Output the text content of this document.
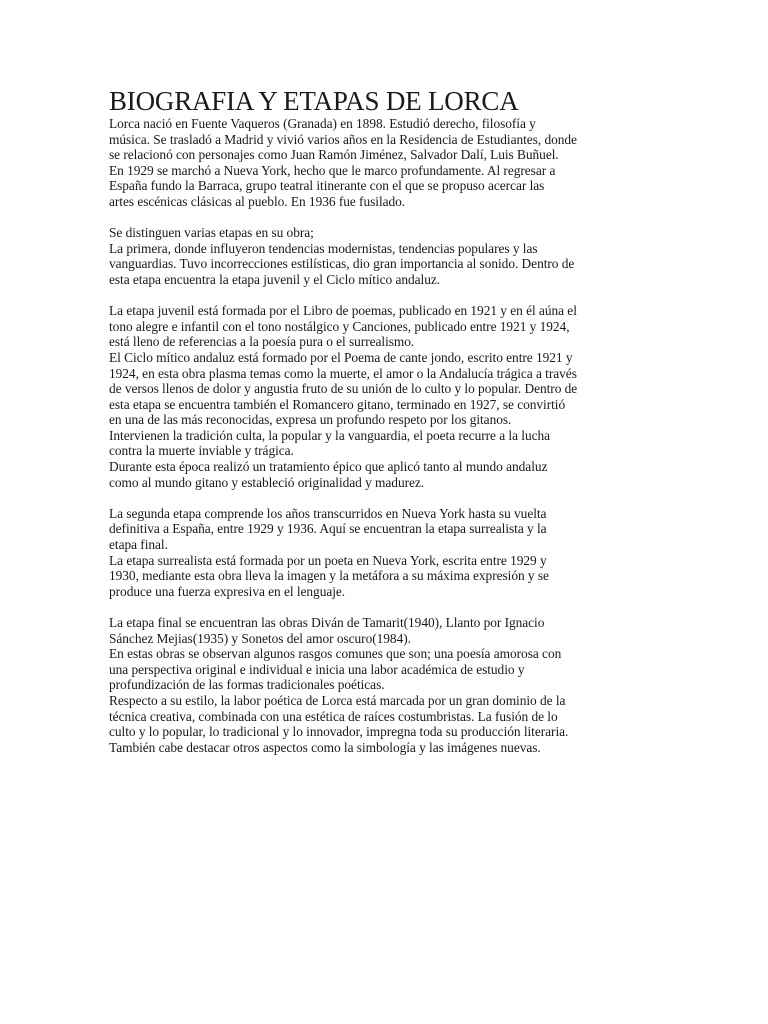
BIOGRAFIA Y ETAPAS DE LORCA
Lorca nació en Fuente Vaqueros (Granada) en 1898. Estudió derecho, filosofía y
música. Se trasladó a Madrid y vivió varios años en la Residencia de Estudiantes, donde
se relacionó con personajes como Juan Ramón Jiménez, Salvador Dalí, Luis Buñuel.
En 1929 se marchó a Nueva York, hecho que le marco profundamente. Al regresar a
España fundo la Barraca, grupo teatral itinerante con el que se propuso acercar las
artes escénicas clásicas al pueblo. En 1936 fue fusilado.
Se distinguen varias etapas en su obra;
La primera, donde influyeron tendencias modernistas, tendencias populares y las
vanguardias. Tuvo incorrecciones estilísticas, dio gran importancia al sonido. Dentro de
esta etapa encuentra la etapa juvenil y el Ciclo mítico andaluz.
La etapa juvenil está formada por el Libro de poemas, publicado en 1921 y en él aúna el
tono alegre e infantil con el tono nostálgico y Canciones, publicado entre 1921 y 1924,
está lleno de referencias a la poesía pura o el surrealismo.
El Ciclo mítico andaluz está formado por el Poema de cante jondo, escrito entre 1921 y
1924, en esta obra plasma temas como la muerte, el amor o la Andalucía trágica a través
de versos llenos de dolor y angustia fruto de su unión de lo culto y lo popular. Dentro de
esta etapa se encuentra también el Romancero gitano, terminado en 1927, se convirtió
en una de las más reconocidas, expresa un profundo respeto por los gitanos.
Intervienen la tradición culta, la popular y la vanguardia, el poeta recurre a la lucha
contra la muerte inviable y trágica.
Durante esta época realizó un tratamiento épico que aplicó tanto al mundo andaluz
como al mundo gitano y estableció originalidad y madurez.
La segunda etapa comprende los años transcurridos en Nueva York hasta su vuelta
definitiva a España, entre 1929 y 1936. Aquí se encuentran la etapa surrealista y la
etapa final.
La etapa surrealista está formada por un poeta en Nueva York, escrita entre 1929 y
1930, mediante esta obra lleva la imagen y la metáfora a su máxima expresión y se
produce una fuerza expresiva en el lenguaje.
La etapa final se encuentran las obras Diván de Tamarit(1940), Llanto por Ignacio
Sánchez Mejias(1935) y Sonetos del amor oscuro(1984).
En estas obras se observan algunos rasgos comunes que son; una poesía amorosa con
una perspectiva original e individual e inicia una labor académica de estudio y
profundización de las formas tradicionales poéticas.
Respecto a su estilo, la labor poética de Lorca está marcada por un gran dominio de la
técnica creativa, combinada con una estética de raíces costumbristas. La fusión de lo
culto y lo popular, lo tradicional y lo innovador, impregna toda su producción literaria.
También cabe destacar otros aspectos como la simbología y las imágenes nuevas.
